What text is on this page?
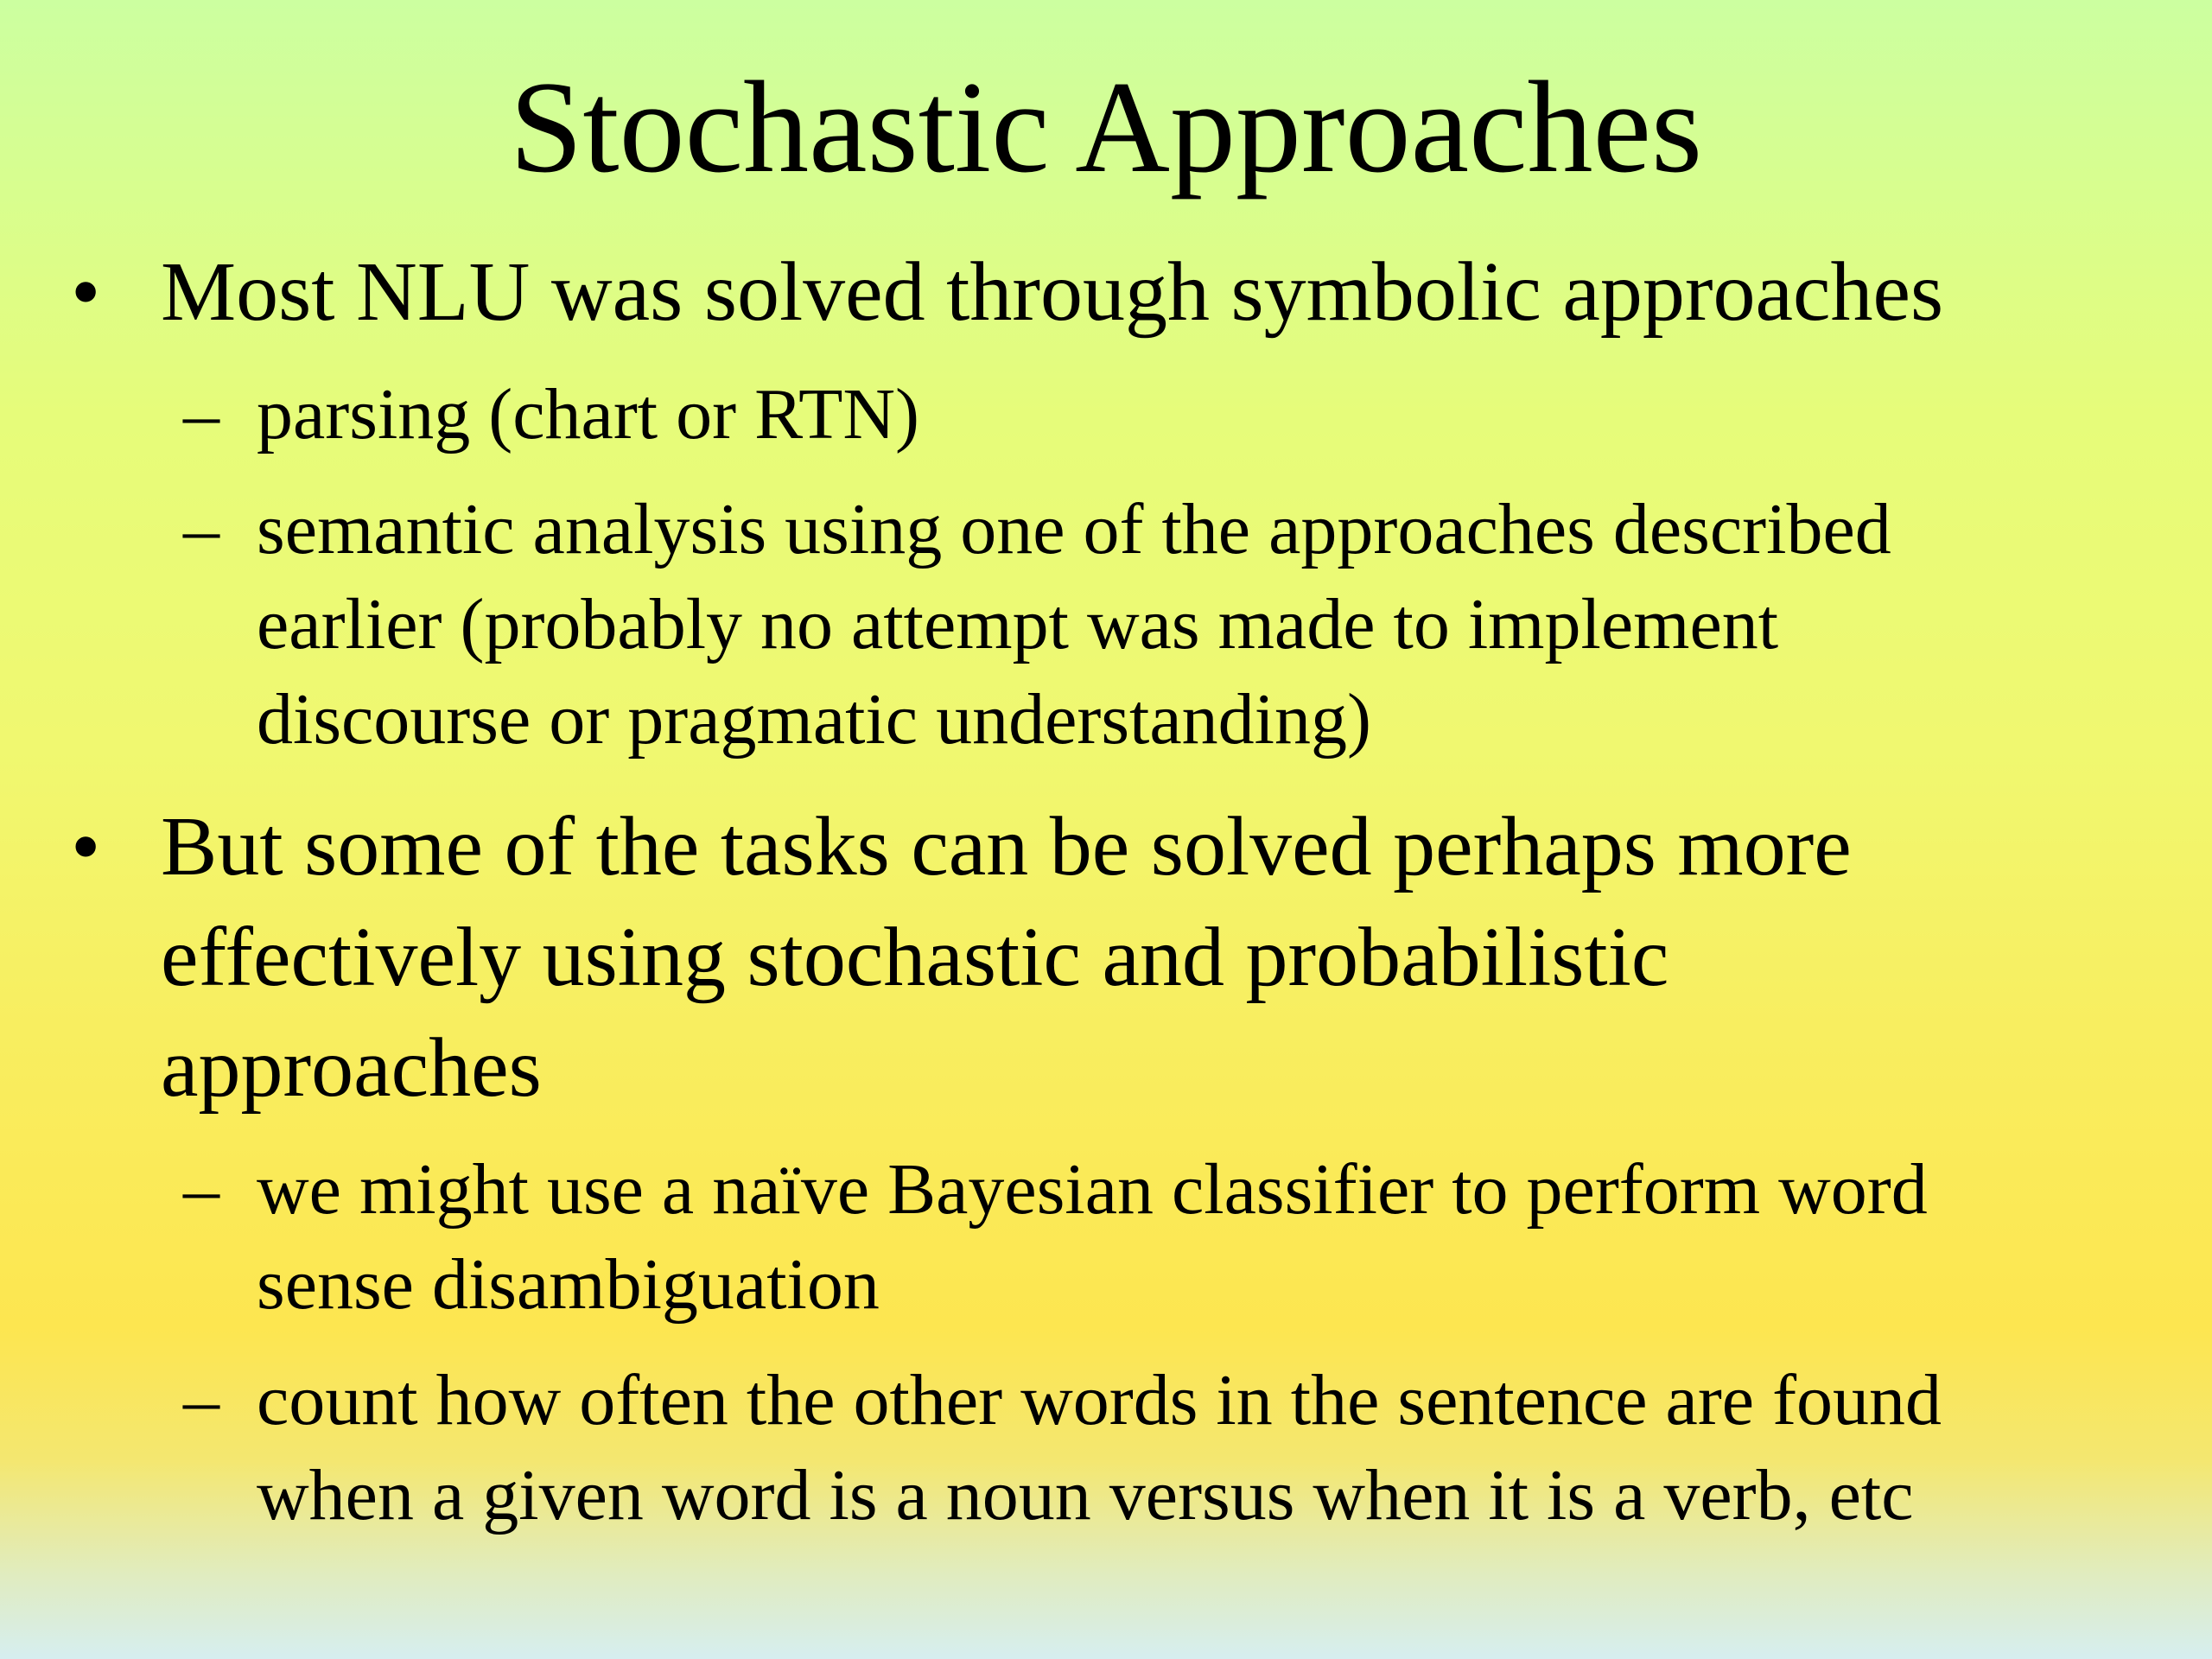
Stochastic Approaches
• Most NLU was solved through symbolic approaches
– parsing (chart or RTN)
– semantic analysis using one of the approaches described
earlier (probably no attempt was made to implement
discourse or pragmatic understanding)
• But some of the tasks can be solved perhaps more
effectively using stochastic and probabilistic
approaches
– we might use a naïve Bayesian classifier to perform word
sense disambiguation
– count how often the other words in the sentence are found
when a given word is a noun versus when it is a verb, etc
